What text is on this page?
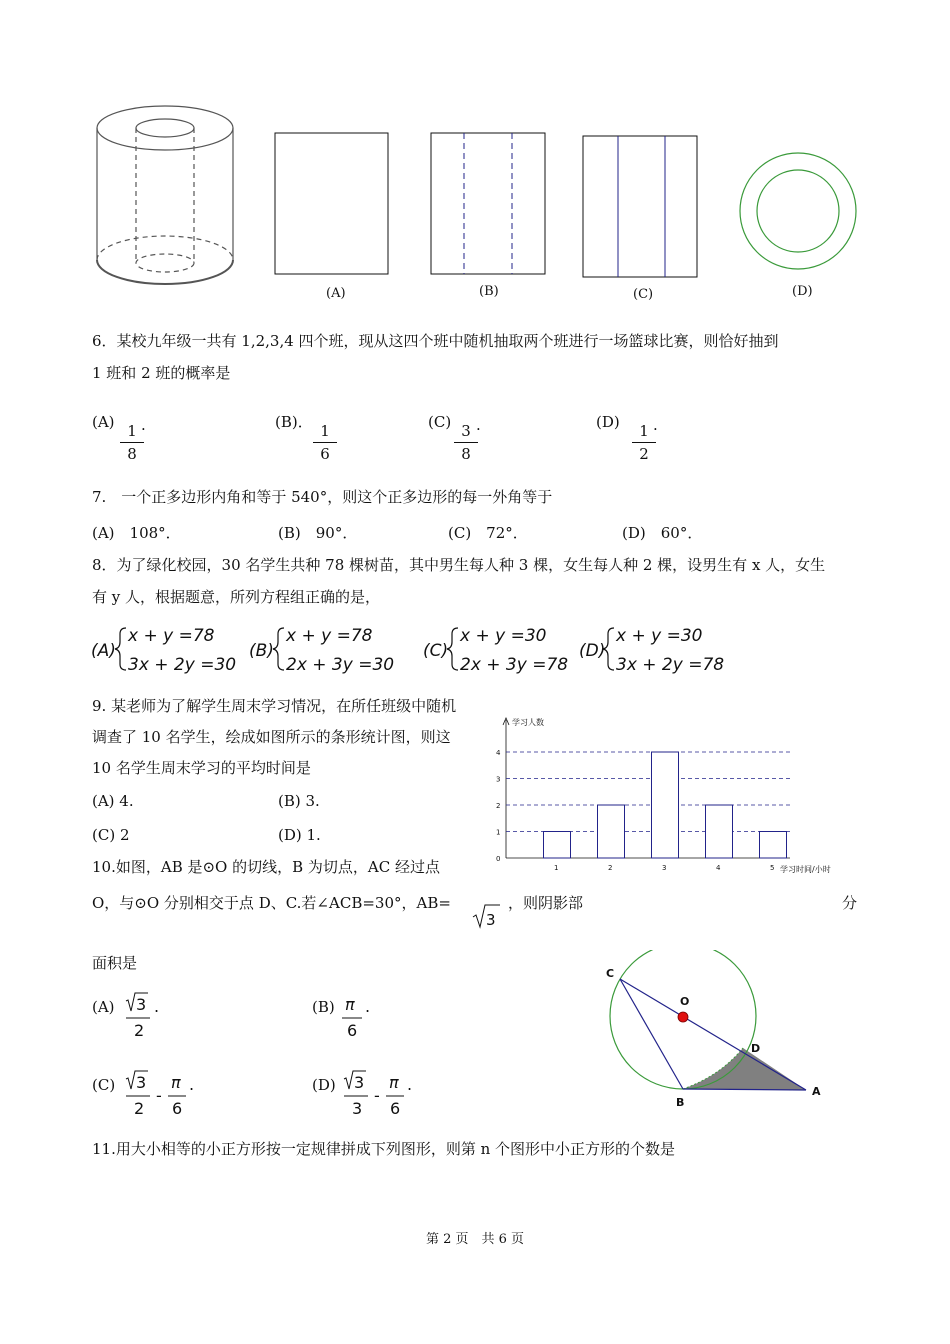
(A)	(B)	(C)	(D)
6．某校九年级一共有 1,2,3,4 四个班，现从这四个班中随机抽取两个班进行一场篮球比赛，则恰好抽到
1 班和 2 班的概率是
(A) 1
8
.	(B)． 1
6
(C) 3
8
.	(D)	1
2
.
7.　一个正多边形内角和等于 540°，则这个正多边形的每一外角等于
(A)　108°．	(B)　90°．	(C)　72°．	(D)　60°．
8．为了绿化校园，30 名学生共种 78 棵树苗，其中男生每人种 3 棵，女生每人种 2 棵，设男生有 x 人，女生
有 y 人，根据题意，所列方程组正确的是，
(A)
x + y =78
3x + 2y =30
(B)
x + y =78
2x + 3y =30
(C)
x + y =30
2x + 3y =78
(D)
x + y =30
3x + 2y =78
9. 某老师为了解学生周末学习情况，在所任班级中随机
调查了 10 名学生，绘成如图所示的条形统计图，则这
10 名学生周末学习的平均时间是
(A) 4.	(B) 3.
(C) 2	(D) 1.
学习人数
学习时间/小时
0
1
2
3
4
1	2	3	4	5
10.如图，AB 是⊙O 的切线，B 为切点，AC 经过点
O，与⊙O 分别相交于点 D、C.若∠ACB=30°，AB=
3
，则阴影部	分
面积是
(A) 3
2
.	(B) π
6
.
(C) 3
2
-
π
6
.	(D) 3
3
-
π
6
.
C
O
D
B
A
11.用大小相等的小正方形按一定规律拼成下列图形，则第 n 个图形中小正方形的个数是
第 2 页　共 6 页
